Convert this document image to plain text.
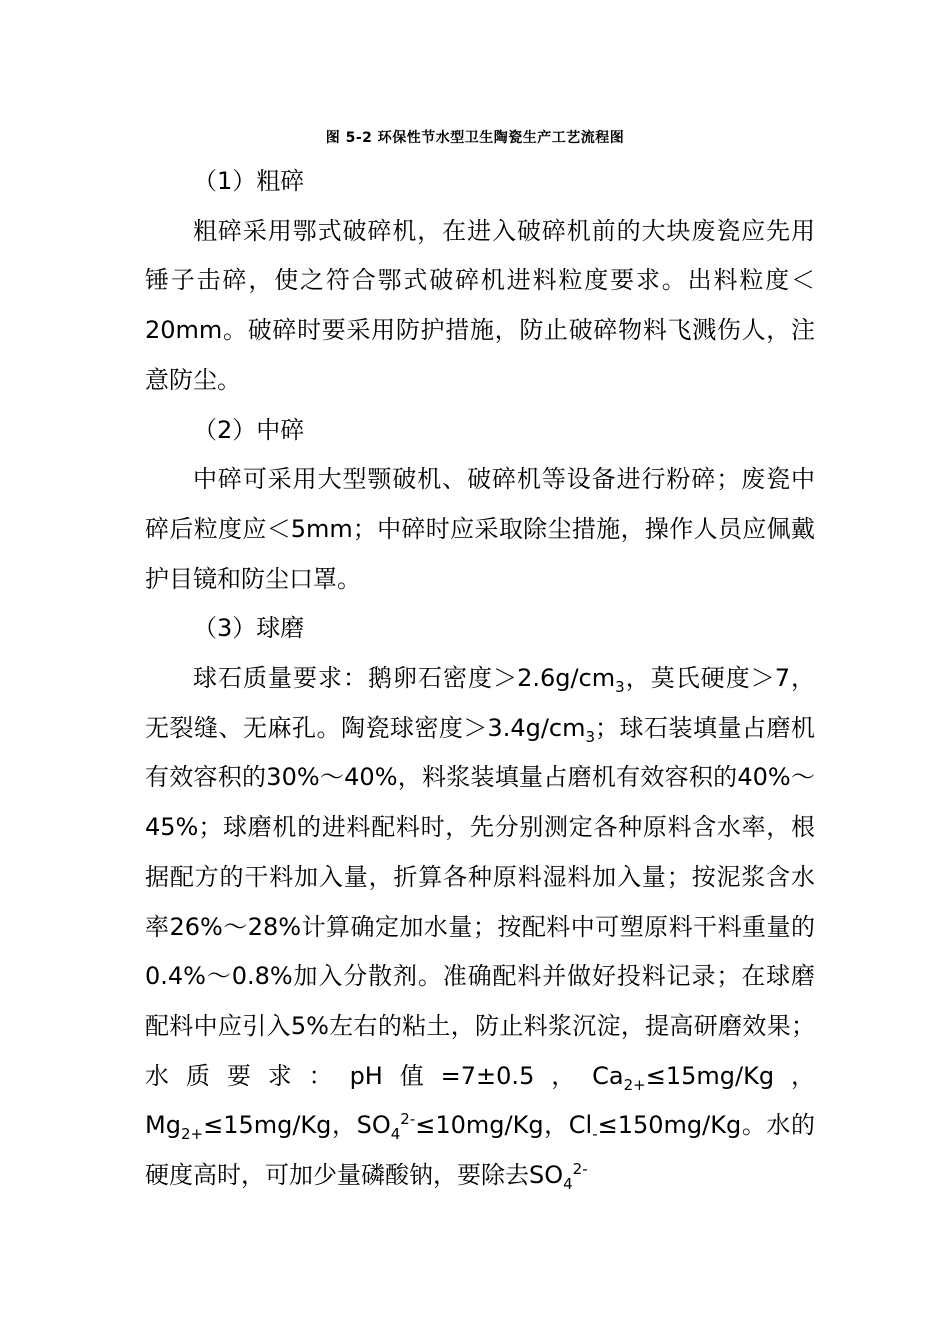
图 5-2 环保性节水型卫生陶瓷生产工艺流程图

（1）粗碎

粗碎采用鄂式破碎机，在进入破碎机前的大块废瓷应先用锤子击碎，使之符合鄂式破碎机进料粒度要求。出料粒度＜20mm。破碎时要采用防护措施，防止破碎物料飞溅伤人，注意防尘。

（2）中碎

中碎可采用大型颚破机、破碎机等设备进行粉碎；废瓷中碎后粒度应＜5mm；中碎时应采取除尘措施，操作人员应佩戴护目镜和防尘口罩。

（3）球磨

球石质量要求：鹅卵石密度$>2.6g/cm_3$，莫氏硬度＞7，无裂缝、无麻孔。陶瓷球密度$>3.4g/cm_3$；球石装填量占磨机有效容积的30%～40%，料浆装填量占磨机有效容积的40%～45%；球磨机的进料配料时，先分别测定各种原料含水率，根据配方的干料加入量，折算各种原料湿料加入量；按泥浆含水率26%～28%计算确定加水量；按配料中可塑原料干料重量的0.4%～0.8%加入分散剂。准确配料并做好投料记录；在球磨配料中应引入5%左右的粘土，防止料浆沉淀，提高研磨效果；水质要求：pH值=7±0.5，$Ca_{2+}\le 15mg/Kg$，$Mg_{2+}\le 15mg/Kg$，$SO_4^{2-}\le 10mg/Kg$，$Cl_-\le 150mg/Kg$。水的硬度高时，可加少量磷酸钠，要除去$SO_4^{2-}$
